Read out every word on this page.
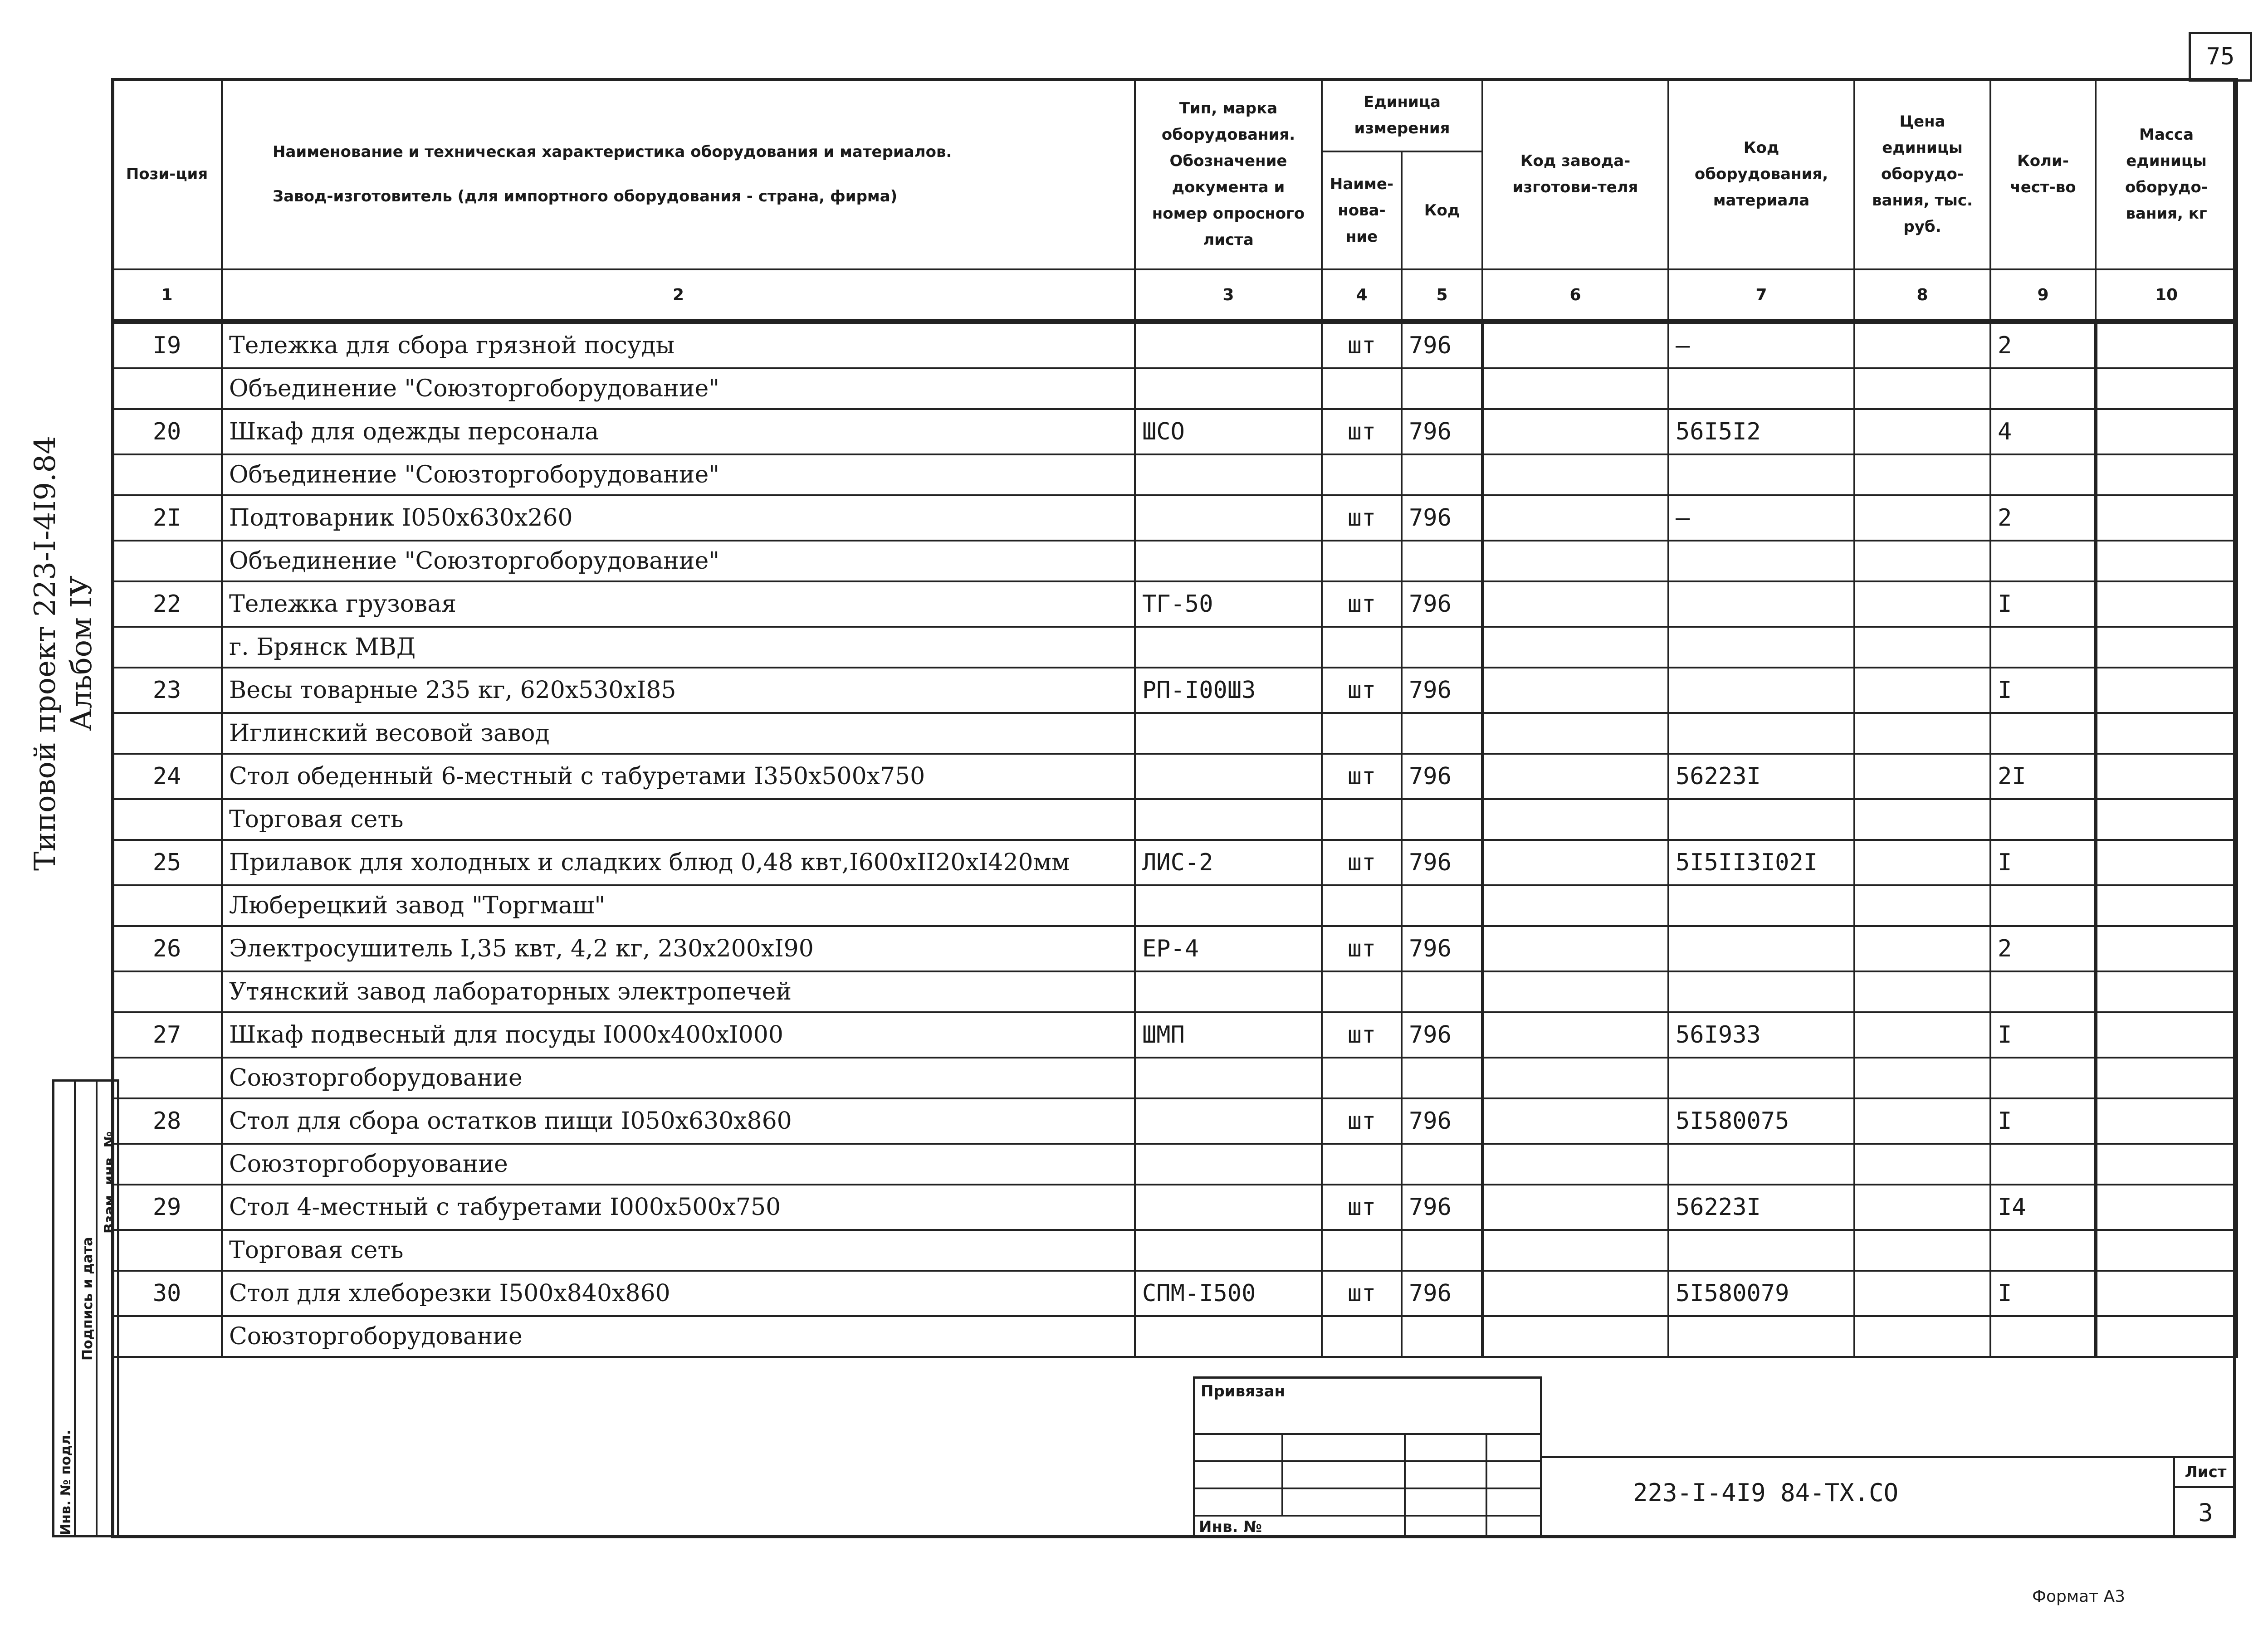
75
Типовой проект 223-I-4I9.84 Альбом IУ
Инв. № подл.
Подпись и дата
Взам. инв. №
Пози-ция	Наименование и техническая характеристика оборудования и материалов.
Завод-изготовитель (для импортного оборудования - страна, фирма)	Тип, марка оборудования. Обозначение документа и номер опросного листа	Единица измерения		Код завода-изготови-теля	Код оборудования, материала	Цена единицы оборудо-вания, тыс. руб.	Коли-чест-во	Масса единицы оборудо-вания, кг
			Наиме-нова-ние	Код					
1	2	3	4	5	6	7	8	9	10
I9	Тележка для сбора грязной посуды		шт	796		–		2	
	Объединение "Союзторгоборудование"								
20	Шкаф для одежды персонала	ШСО	шт	796		56I5I2		4	
	Объединение "Союзторгоборудование"								
2I	Подтоварник I050x630x260		шт	796		–		2	
	Объединение "Союзторгоборудование"								
22	Тележка грузовая	ТГ-50	шт	796				I	
	г. Брянск МВД								
23	Весы товарные 235 кг, 620x530xI85	РП-I00Ш3	шт	796				I	
	Иглинский весовой завод								
24	Стол обеденный 6-местный с табуретами I350x500x750		шт	796		56223I		2I	
	Торговая сеть								
25	Прилавок для холодных и сладких блюд 0,48 квт,I600xII20xI420мм	ЛИС-2	шт	796		5I5II3I02I		I	
	Люберецкий завод "Торгмаш"								
26	Электросушитель I,35 квт, 4,2 кг, 230x200xI90	ЕР-4	шт	796				2	
	Утянский завод лабораторных электропечей								
27	Шкаф подвесный для посуды I000x400xI000	ШМП	шт	796		56I933		I	
	Союзторгоборудование								
28	Стол для сбора остатков пищи I050x630x860		шт	796		5I580075		I	
	Союзторгоборуование								
29	Стол 4-местный с табуретами I000x500x750		шт	796		56223I		I4	
	Торговая сеть								
30	Стол для хлеборезки I500x840x860	СПМ-I500	шт	796		5I580079		I	
	Союзторгоборудование								
Привязан
Инв. №
223-I-4I9 84-ТХ.СО
Лист
3
Формат А3
